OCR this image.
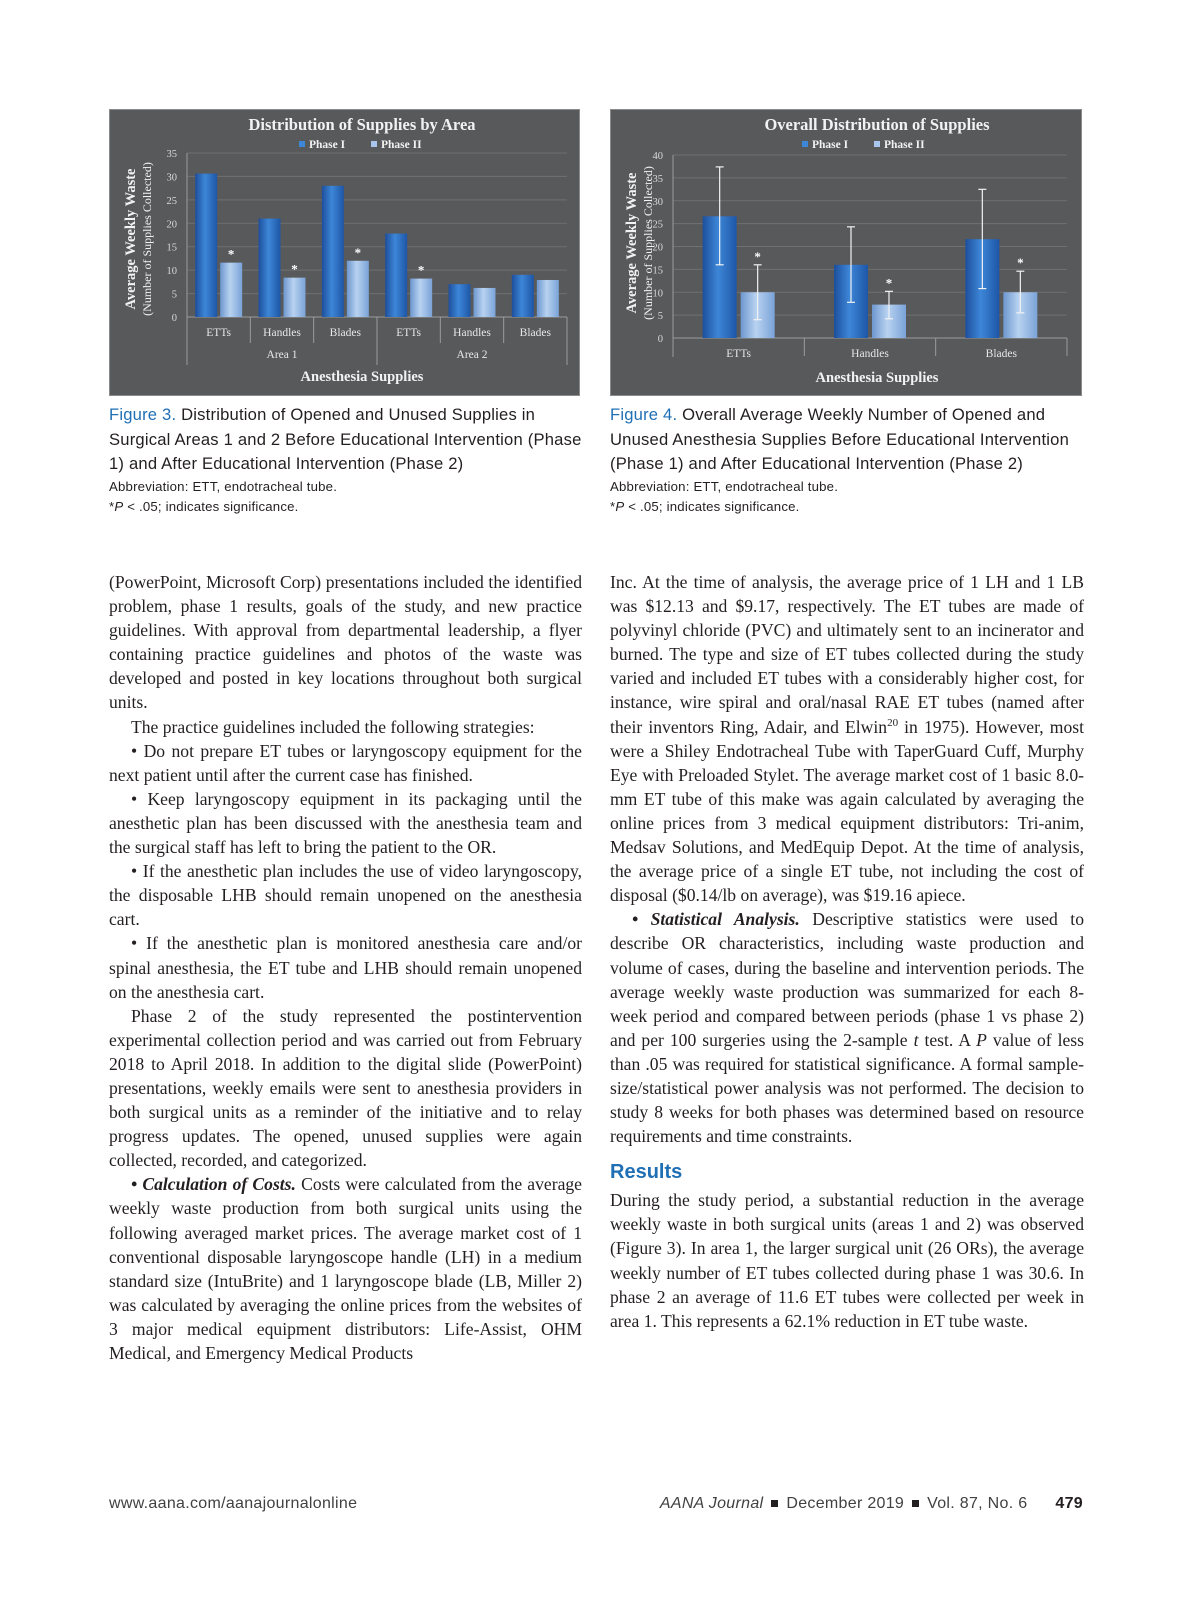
Distribution of Supplies by Area
Phase I	Phase II
0
5
10
15
20
25
30
35
Average Weekly Waste (Number of Supplies Collected)	*
ETTs
*
Handles
*
Blades
*
ETTs	Handles	Blades
Area 1	Area 2
Anesthesia Supplies
Figure 3. Distribution of Opened and Unused Supplies in Surgical Areas 1 and 2 Before Educational Intervention (Phase 1) and After Educational Intervention (Phase 2)
Abbreviation: ETT, endotracheal tube.
*P < .05; indicates significance.
Overall Distribution of Supplies
Phase I	Phase II
0
5
10
15
20
25
30
35
40
Average Weekly Waste (Number of Supplies Collected)	*
ETTs
*
Handles
*
Blades
Anesthesia Supplies
Figure 4. Overall Average Weekly Number of Opened and Unused Anesthesia Supplies Before Educational Intervention (Phase 1) and After Educational Intervention (Phase 2)
Abbreviation: ETT, endotracheal tube.
*P < .05; indicates significance.

(PowerPoint, Microsoft Corp) presentations included the identified problem, phase 1 results, goals of the study, and new practice guidelines. With approval from departmental leadership, a flyer containing practice guidelines and photos of the waste was developed and posted in key locations throughout both surgical units.

The practice guidelines included the following strategies:

• Do not prepare ET tubes or laryngoscopy equipment for the next patient until after the current case has finished.

• Keep laryngoscopy equipment in its packaging until the anesthetic plan has been discussed with the anesthesia team and the surgical staff has left to bring the patient to the OR.

• If the anesthetic plan includes the use of video laryngoscopy, the disposable LHB should remain unopened on the anesthesia cart.

• If the anesthetic plan is monitored anesthesia care and/or spinal anesthesia, the ET tube and LHB should remain unopened on the anesthesia cart.

Phase 2 of the study represented the postintervention experimental collection period and was carried out from February 2018 to April 2018. In addition to the digital slide (PowerPoint) presentations, weekly emails were sent to anesthesia providers in both surgical units as a reminder of the initiative and to relay progress updates. The opened, unused supplies were again collected, recorded, and categorized.

• Calculation of Costs. Costs were calculated from the average weekly waste production from both surgical units using the following averaged market prices. The average market cost of 1 conventional disposable laryngoscope handle (LH) in a medium standard size (IntuBrite) and 1 laryngoscope blade (LB, Miller 2) was calculated by averaging the online prices from the websites of 3 major medical equipment distributors: Life-Assist, OHM Medical, and Emergency Medical Products

Inc. At the time of analysis, the average price of 1 LH and 1 LB was $12.13 and $9.17, respectively. The ET tubes are made of polyvinyl chloride (PVC) and ultimately sent to an incinerator and burned. The type and size of ET tubes collected during the study varied and included ET tubes with a considerably higher cost, for instance, wire spiral and oral/nasal RAE ET tubes (named after their inventors Ring, Adair, and Elwin$^{20}$ in 1975). However, most were a Shiley Endotracheal Tube with TaperGuard Cuff, Murphy Eye with Preloaded Stylet. The average market cost of 1 basic 8.0-mm ET tube of this make was again calculated by averaging the online prices from 3 medical equipment distributors: Tri-anim, Medsav Solutions, and MedEquip Depot. At the time of analysis, the average price of a single ET tube, not including the cost of disposal ($0.14/lb on average), was $19.16 apiece.

• Statistical Analysis. Descriptive statistics were used to describe OR characteristics, including waste production and volume of cases, during the baseline and intervention periods. The average weekly waste production was summarized for each 8-week period and compared between periods (phase 1 vs phase 2) and per 100 surgeries using the 2-sample t test. A P value of less than .05 was required for statistical significance. A formal sample-size/statistical power analysis was not performed. The decision to study 8 weeks for both phases was determined based on resource requirements and time constraints.

Results

During the study period, a substantial reduction in the average weekly waste in both surgical units (areas 1 and 2) was observed (Figure 3). In area 1, the larger surgical unit (26 ORs), the average weekly number of ET tubes collected during phase 1 was 30.6. In phase 2 an average of 11.6 ET tubes were collected per week in area 1. This represents a 62.1% reduction in ET tube waste.

www.aana.com/aanajournalonline	AANA Journal December 2019 Vol. 87, No. 6 479
